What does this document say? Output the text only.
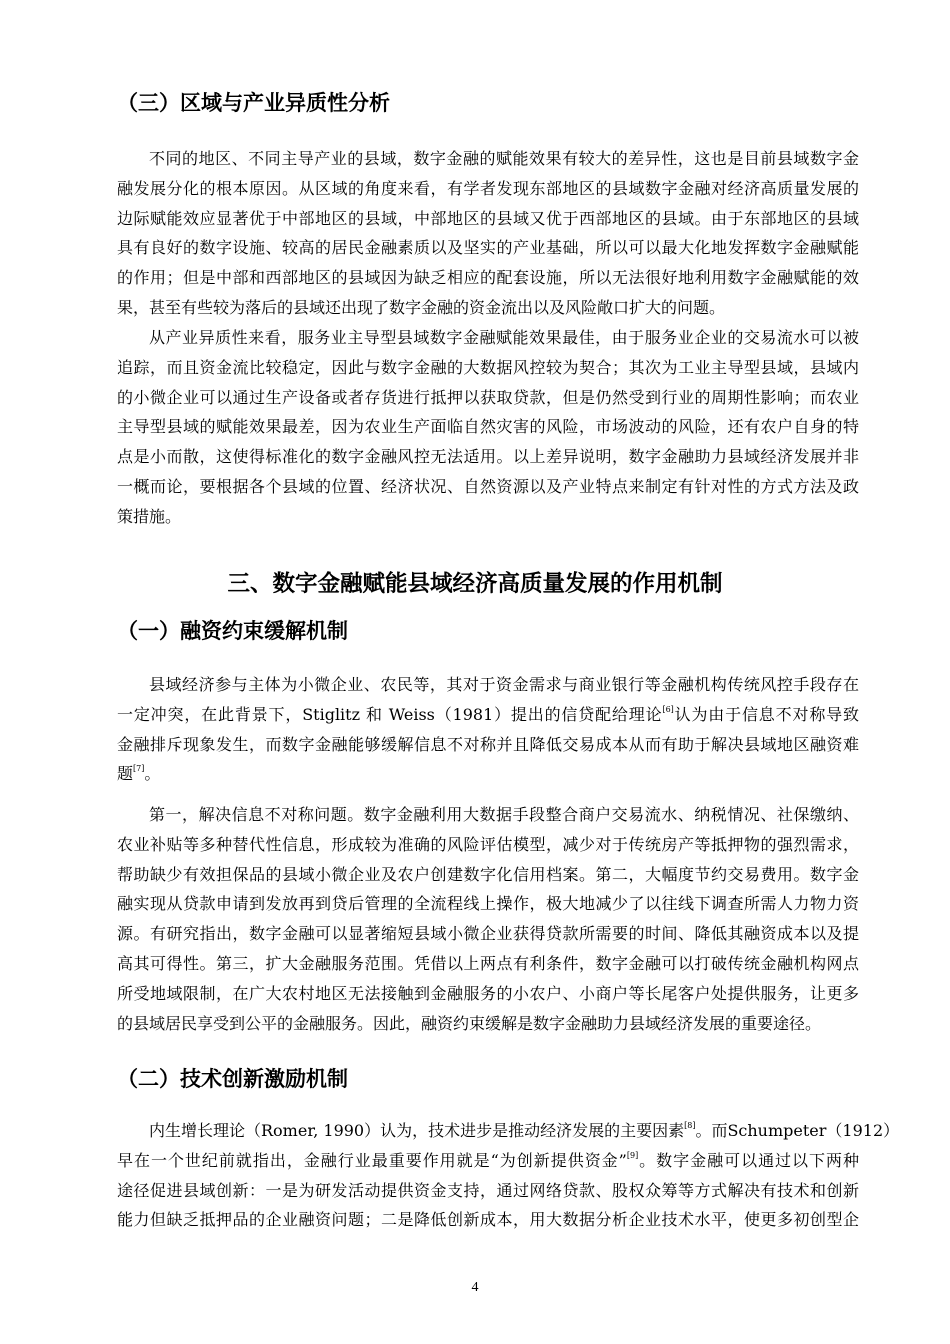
（三）区域与产业异质性分析
不同的地区、不同主导产业的县域，数字金融的赋能效果有较大的差异性，这也是目前县域数字金
融发展分化的根本原因。从区域的角度来看，有学者发现东部地区的县域数字金融对经济高质量发展的
边际赋能效应显著优于中部地区的县域，中部地区的县域又优于西部地区的县域。由于东部地区的县域
具有良好的数字设施、较高的居民金融素质以及坚实的产业基础，所以可以最大化地发挥数字金融赋能
的作用；但是中部和西部地区的县域因为缺乏相应的配套设施，所以无法很好地利用数字金融赋能的效
果，甚至有些较为落后的县域还出现了数字金融的资金流出以及风险敞口扩大的问题。
从产业异质性来看，服务业主导型县域数字金融赋能效果最佳，由于服务业企业的交易流水可以被
追踪，而且资金流比较稳定，因此与数字金融的大数据风控较为契合；其次为工业主导型县域，县域内
的小微企业可以通过生产设备或者存货进行抵押以获取贷款，但是仍然受到行业的周期性影响；而农业
主导型县域的赋能效果最差，因为农业生产面临自然灾害的风险，市场波动的风险，还有农户自身的特
点是小而散，这使得标准化的数字金融风控无法适用。以上差异说明，数字金融助力县域经济发展并非
一概而论，要根据各个县域的位置、经济状况、自然资源以及产业特点来制定有针对性的方式方法及政
策措施。
三、数字金融赋能县域经济高质量发展的作用机制
（一）融资约束缓解机制
县域经济参与主体为小微企业、农民等，其对于资金需求与商业银行等金融机构传统风控手段存在
一定冲突，在此背景下，Stiglitz 和 Weiss（1981）提出的信贷配给理论[6]认为由于信息不对称导致
金融排斥现象发生，而数字金融能够缓解信息不对称并且降低交易成本从而有助于解决县域地区融资难
题[7]。
第一，解决信息不对称问题。数字金融利用大数据手段整合商户交易流水、纳税情况、社保缴纳、
农业补贴等多种替代性信息，形成较为准确的风险评估模型，减少对于传统房产等抵押物的强烈需求，
帮助缺少有效担保品的县域小微企业及农户创建数字化信用档案。第二，大幅度节约交易费用。数字金
融实现从贷款申请到发放再到贷后管理的全流程线上操作，极大地减少了以往线下调查所需人力物力资
源。有研究指出，数字金融可以显著缩短县域小微企业获得贷款所需要的时间、降低其融资成本以及提
高其可得性。第三，扩大金融服务范围。凭借以上两点有利条件，数字金融可以打破传统金融机构网点
所受地域限制，在广大农村地区无法接触到金融服务的小农户、小商户等长尾客户处提供服务，让更多
的县域居民享受到公平的金融服务。因此，融资约束缓解是数字金融助力县域经济发展的重要途径。
（二）技术创新激励机制
内生增长理论（Romer, 1990）认为，技术进步是推动经济发展的主要因素[8]。而Schumpeter（1912）
早在一个世纪前就指出，金融行业最重要作用就是“为创新提供资金”[9]。数字金融可以通过以下两种
途径促进县域创新：一是为研发活动提供资金支持，通过网络贷款、股权众筹等方式解决有技术和创新
能力但缺乏抵押品的企业融资问题；二是降低创新成本，用大数据分析企业技术水平，使更多初创型企
4
